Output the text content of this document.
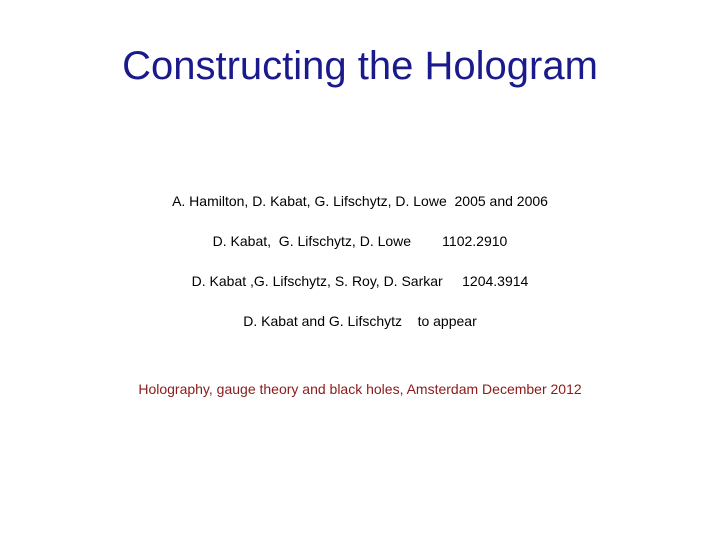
Constructing the Hologram
A. Hamilton, D. Kabat, G. Lifschytz, D. Lowe  2005 and 2006
D. Kabat,  G. Lifschytz, D. Lowe        1102.2910
D. Kabat ,G. Lifschytz, S. Roy, D. Sarkar     1204.3914
D. Kabat and G. Lifschytz    to appear
Holography, gauge theory and black holes, Amsterdam December 2012
